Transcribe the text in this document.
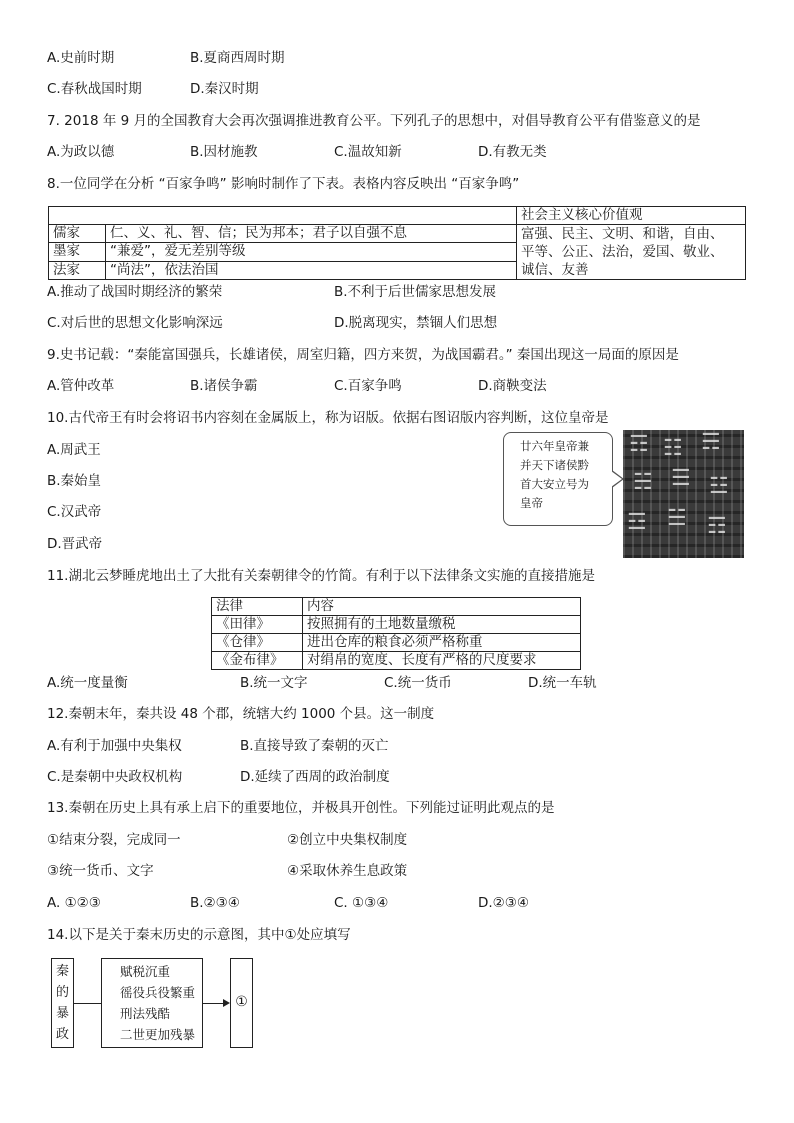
A.史前时期	B.夏商西周时期
C.春秋战国时期	D.秦汉时期
7. 2018 年 9 月的全国教育大会再次强调推进教育公平。下列孔子的思想中，对倡导教育公平有借鉴意义的是
A.为政以德	B.因材施教	C.温故知新	D.有教无类
8.一位同学在分析 “百家争鸣” 影响时制作了下表。表格内容反映出 “百家争鸣”
		社会主义核心价值观
儒家	仁、义、礼、智、信；民为邦本；君子以自强不息	富强、民主、文明、和谐，自由、
平等、公正、法治，爱国、敬业、
诚信、友善

墨家	“兼爱”，爱无差别等级	
法家	“尚法”，依法治国	
A.推动了战国时期经济的繁荣	B.不利于后世儒家思想发展
C.对后世的思想文化影响深远	D.脱离现实，禁锢人们思想
9.史书记载：“秦能富国强兵，长雄诸侯，周室归籍，四方来贺，为战国霸君。” 秦国出现这一局面的原因是
A.管仲改革	B.诸侯争霸	C.百家争鸣	D.商鞅变法
10.古代帝王有时会将诏书内容刻在金属版上，称为诏版。依据右图诏版内容判断，这位皇帝是
A.周武王
B.秦始皇
C.汉武帝
D.晋武帝
廿六年皇帝兼
并天下诸侯黔
首大安立号为
皇帝
☶ ☷ ☴
☵ ☰ ☳
☲ ☱ ☶
11.湖北云梦睡虎地出土了大批有关秦朝律令的竹简。有利于以下法律条文实施的直接措施是
法律	内容
《田律》	按照拥有的土地数量缴税
《仓律》	进出仓库的粮食必须严格称重
《金布律》	对绢帛的宽度、长度有严格的尺度要求
A.统一度量衡	B.统一文字	C.统一货币	D.统一车轨
12.秦朝末年，秦共设 48 个郡，统辖大约 1000 个县。这一制度
A.有利于加强中央集权	B.直接导致了秦朝的灭亡
C.是秦朝中央政权机构	D.延续了西周的政治制度
13.秦朝在历史上具有承上启下的重要地位，并极具开创性。下列能过证明此观点的是
①结束分裂，完成同一	②创立中央集权制度
③统一货币、文字	④采取休养生息政策
A. ①②③	B.②③④	C. ①③④	D.②③④
14.以下是关于秦末历史的示意图，其中①处应填写
秦
的
暴
政
赋税沉重
徭役兵役繁重
刑法残酷
二世更加残暴
①
